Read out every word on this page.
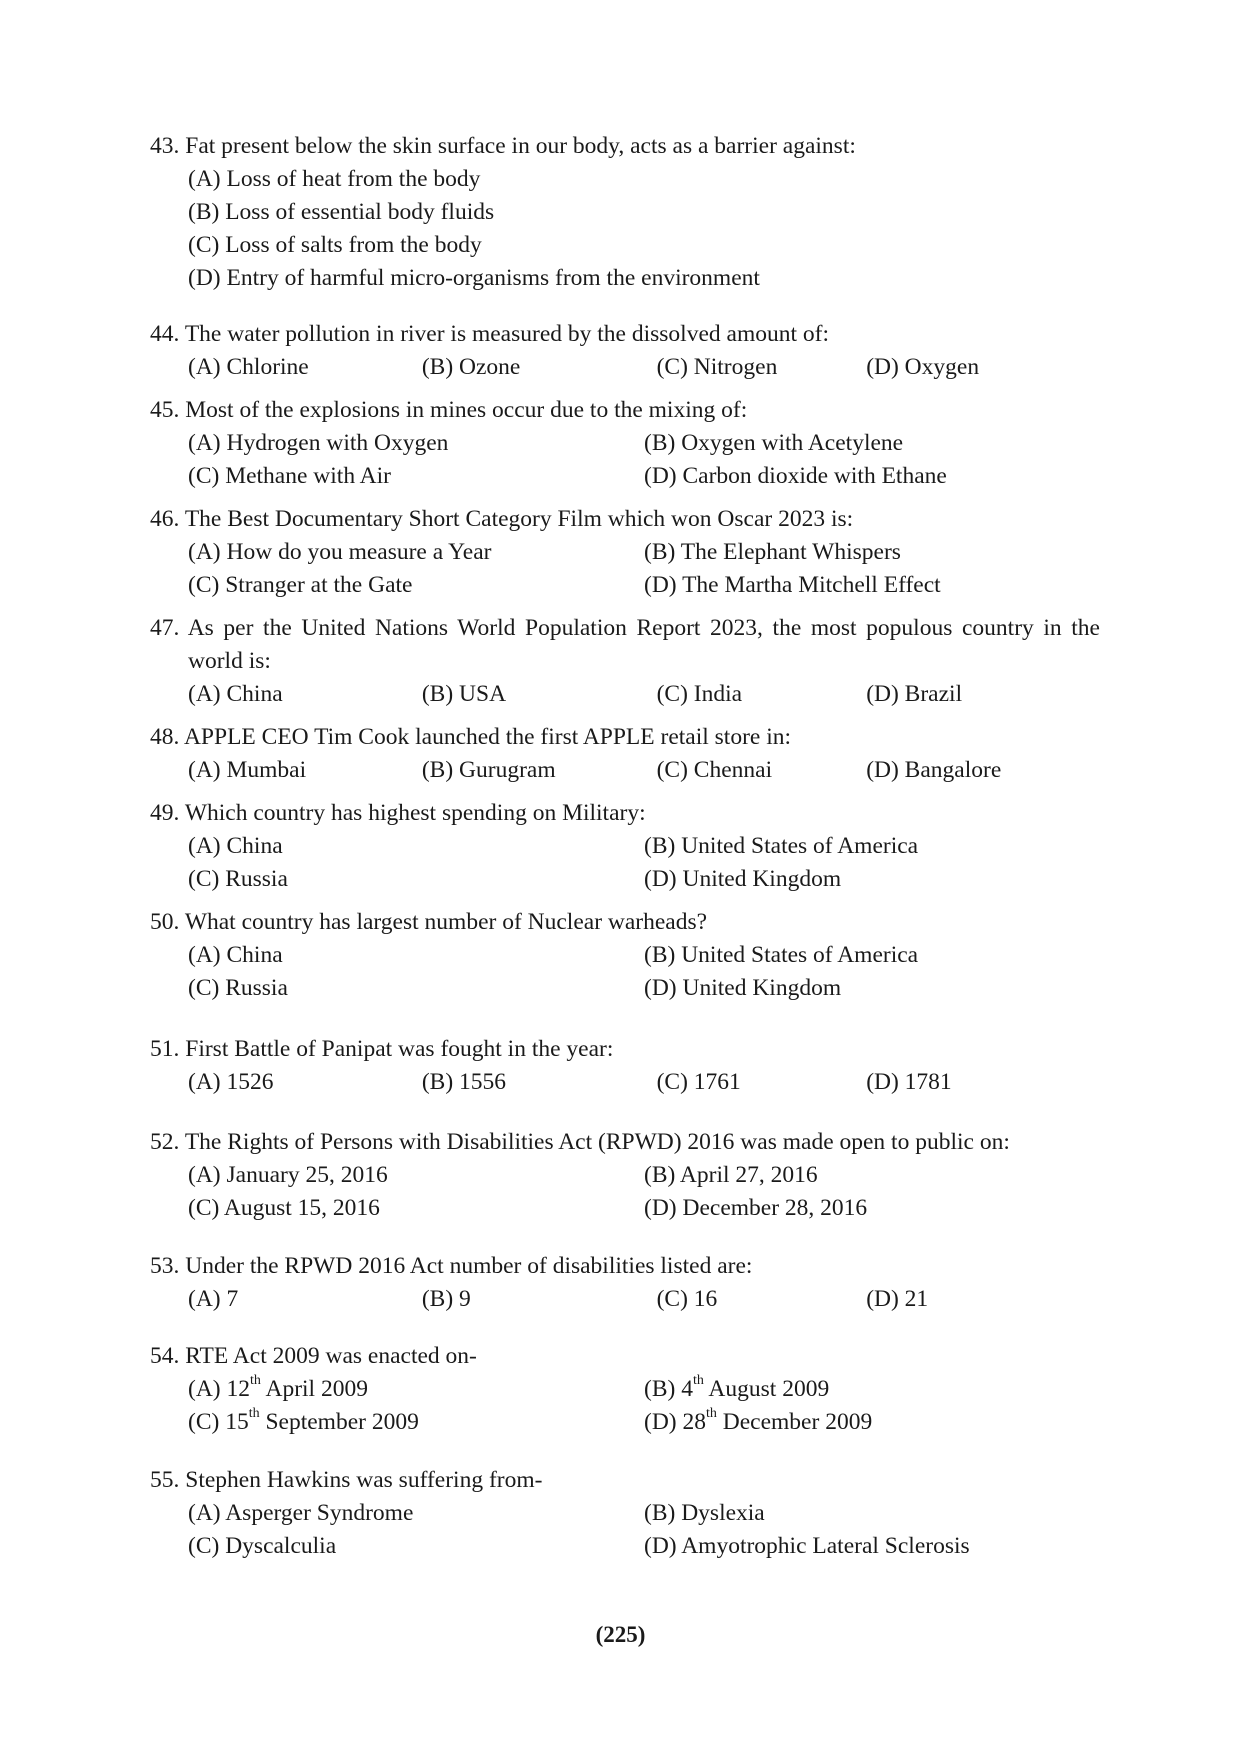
43. Fat present below the skin surface in our body, acts as a barrier against:
(A) Loss of heat from the body
(B) Loss of essential body fluids
(C) Loss of salts from the body
(D) Entry of harmful micro-organisms from the environment
44. The water pollution in river is measured by the dissolved amount of:
(A) Chlorine	(B) Ozone	(C) Nitrogen	(D) Oxygen
45. Most of the explosions in mines occur due to the mixing of:
(A) Hydrogen with Oxygen	(B) Oxygen with Acetylene
(C) Methane with Air	(D) Carbon dioxide with Ethane
46. The Best Documentary Short Category Film which won Oscar 2023 is:
(A) How do you measure a Year	(B) The Elephant Whispers
(C) Stranger at the Gate	(D) The Martha Mitchell Effect
47. As per the United Nations World Population Report 2023, the most populous country in the world is:
(A) China	(B) USA	(C) India	(D) Brazil
48. APPLE CEO Tim Cook launched the first APPLE retail store in:
(A) Mumbai	(B) Gurugram	(C) Chennai	(D) Bangalore
49. Which country has highest spending on Military:
(A) China	(B) United States of America
(C) Russia	(D) United Kingdom
50. What country has largest number of Nuclear warheads?
(A) China	(B) United States of America
(C) Russia	(D) United Kingdom
51. First Battle of Panipat was fought in the year:
(A) 1526	(B) 1556	(C) 1761	(D) 1781
52. The Rights of Persons with Disabilities Act (RPWD) 2016 was made open to public on:
(A) January 25, 2016	(B) April 27, 2016
(C) August 15, 2016	(D) December 28, 2016
53. Under the RPWD 2016 Act number of disabilities listed are:
(A) 7	(B) 9	(C) 16	(D) 21
54. RTE Act 2009 was enacted on-
(A) 12th April 2009	(B) 4th August 2009
(C) 15th September 2009	(D) 28th December 2009
55. Stephen Hawkins was suffering from-
(A) Asperger Syndrome	(B) Dyslexia
(C) Dyscalculia	(D) Amyotrophic Lateral Sclerosis
(225)
